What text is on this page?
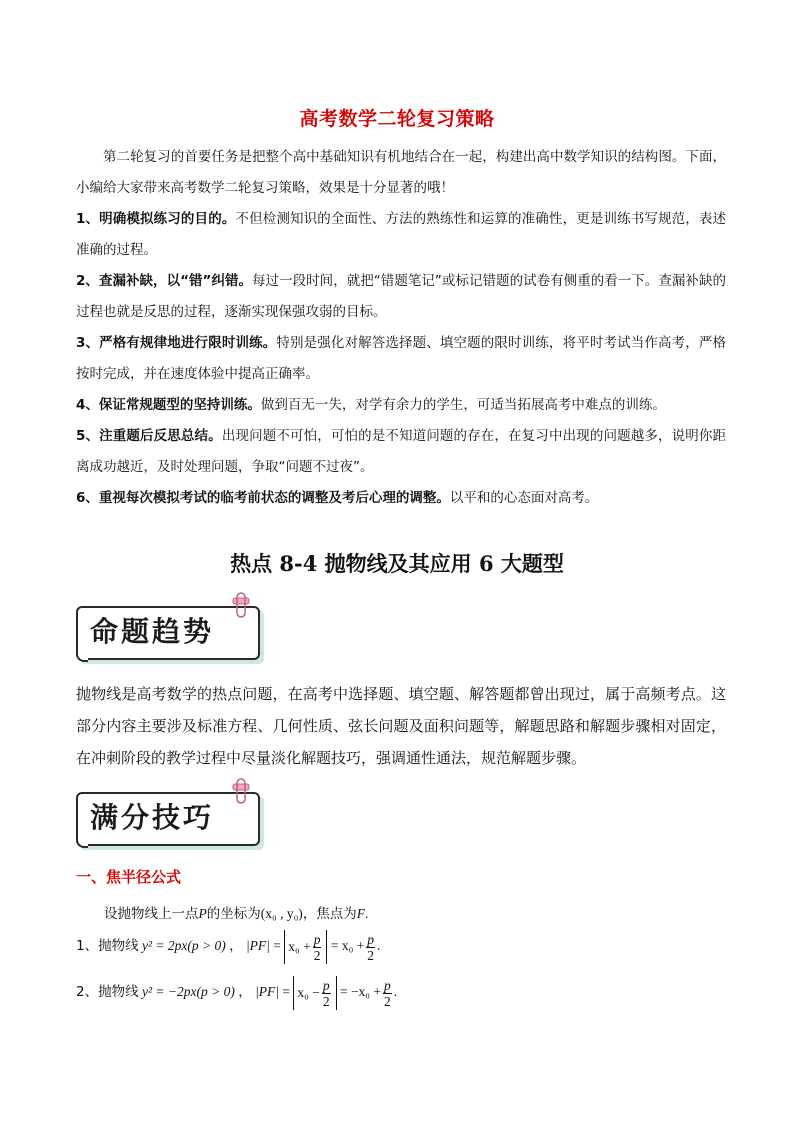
高考数学二轮复习策略
第二轮复习的首要任务是把整个高中基础知识有机地结合在一起，构建出高中数学知识的结构图。下面，小编给大家带来高考数学二轮复习策略，效果是十分显著的哦！
1、明确模拟练习的目的。不但检测知识的全面性、方法的熟练性和运算的准确性，更是训练书写规范，表述准确的过程。
2、查漏补缺，以“错”纠错。每过一段时间，就把“错题笔记”或标记错题的试卷有侧重的看一下。查漏补缺的过程也就是反思的过程，逐渐实现保强攻弱的目标。
3、严格有规律地进行限时训练。特别是强化对解答选择题、填空题的限时训练，将平时考试当作高考，严格按时完成，并在速度体验中提高正确率。
4、保证常规题型的坚持训练。做到百无一失，对学有余力的学生，可适当拓展高考中难点的训练。
5、注重题后反思总结。出现问题不可怕，可怕的是不知道问题的存在，在复习中出现的问题越多，说明你距离成功越近，及时处理问题，争取“问题不过夜”。
6、重视每次模拟考试的临考前状态的调整及考后心理的调整。以平和的心态面对高考。
热点 8-4 抛物线及其应用 6 大题型
命题趋势
抛物线是高考数学的热点问题，在高考中选择题、填空题、解答题都曾出现过，属于高频考点。这部分内容主要涉及标准方程、几何性质、弦长问题及面积问题等，解题思路和解题步骤相对固定，在冲刺阶段的教学过程中尽量淡化解题技巧，强调通性通法，规范解题步骤。
满分技巧
一、焦半径公式
设抛物线上一点P的坐标为(x₀ , y₀)，焦点为F.
1、抛物线 y² = 2px(p > 0) ， $|PF| = x_0 + \frac{p}{2} = x_0 + \frac{p}{2}$ .
2、抛物线 y² = −2px(p > 0) ， $|PF| = x_0 - \frac{p}{2} = -x_0 + \frac{p}{2}$ .
